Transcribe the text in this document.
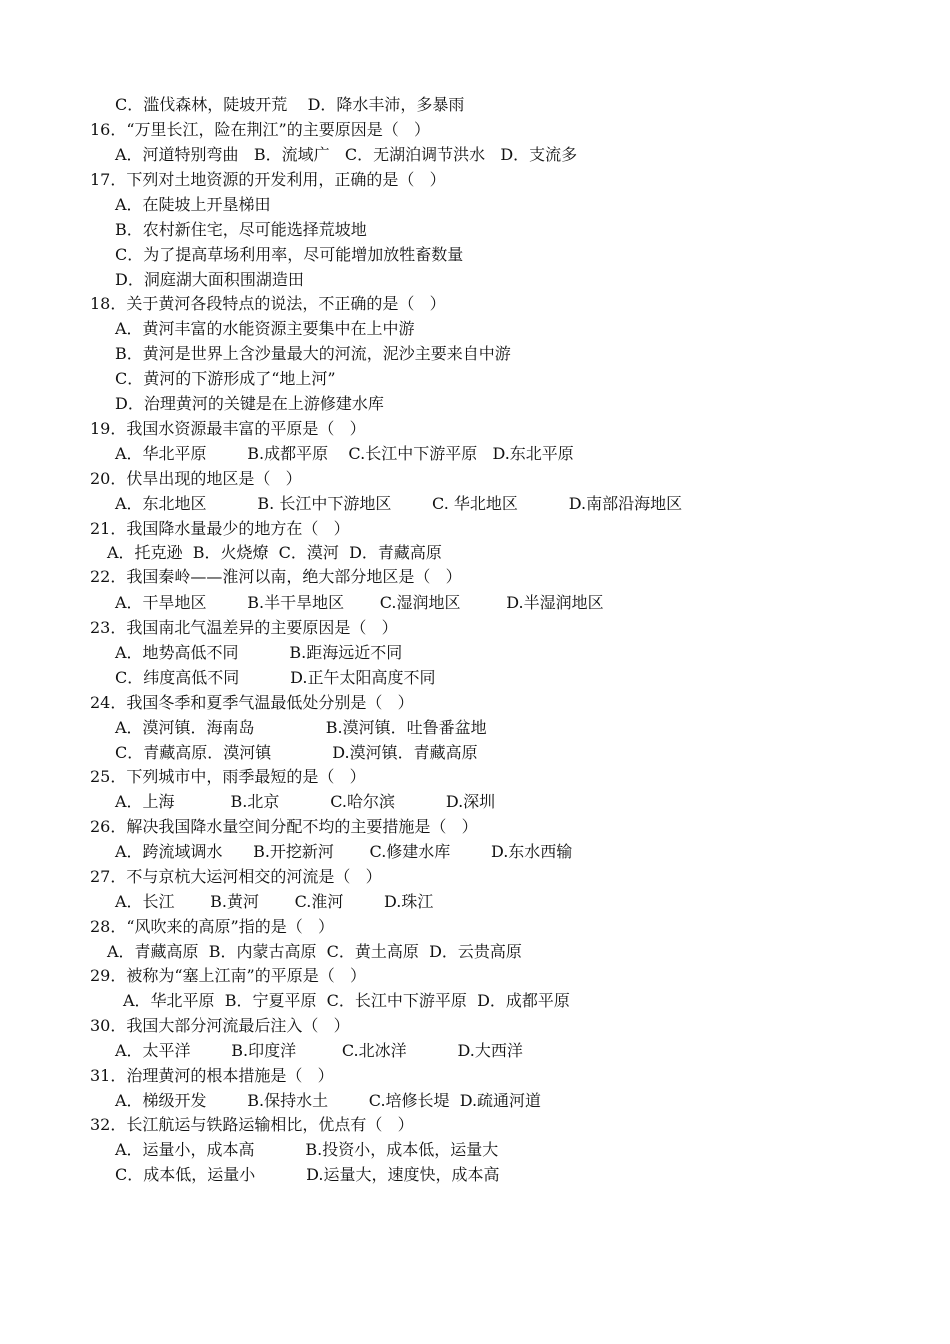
C．滥伐森林，陡坡开荒    D．降水丰沛，多暴雨
16．“万里长江，险在荆江”的主要原因是（   ）
A．河道特别弯曲   B．流域广   C．无湖泊调节洪水   D．支流多
17．下列对土地资源的开发利用，正确的是（   ）
A．在陡坡上开垦梯田
B．农村新住宅，尽可能选择荒坡地
C．为了提高草场利用率，尽可能增加放牲畜数量
D．洞庭湖大面积围湖造田
18．关于黄河各段特点的说法，不正确的是（   ）
A．黄河丰富的水能资源主要集中在上中游
B．黄河是世界上含沙量最大的河流，泥沙主要来自中游
C．黄河的下游形成了“地上河”
D．治理黄河的关键是在上游修建水库
19．我国水资源最丰富的平原是（   ）
A．华北平原        B.成都平原    C.长江中下游平原   D.东北平原
20．伏旱出现的地区是（   ）
A．东北地区          B. 长江中下游地区        C. 华北地区          D.南部沿海地区
21．我国降水量最少的地方在（   ）
A．托克逊  B．火烧燎  C．漠河  D．青藏高原
22．我国秦岭——淮河以南，绝大部分地区是（   ）
A．干旱地区        B.半干旱地区       C.湿润地区         D.半湿润地区
23．我国南北气温差异的主要原因是（   ）
A．地势高低不同          B.距海远近不同
C．纬度高低不同          D.正午太阳高度不同
24．我国冬季和夏季气温最低处分别是（   ）
A．漠河镇．海南岛              B.漠河镇．吐鲁番盆地
C．青藏高原．漠河镇            D.漠河镇．青藏高原
25．下列城市中，雨季最短的是（   ）
A．上海           B.北京          C.哈尔滨          D.深圳
26．解决我国降水量空间分配不均的主要措施是（   ）
A．跨流域调水      B.开挖新河       C.修建水库        D.东水西输
27．不与京杭大运河相交的河流是（   ）
A．长江       B.黄河       C.淮河        D.珠江
28．“风吹来的高原”指的是（   ）
A．青藏高原  B．内蒙古高原  C．黄土高原  D．云贵高原
29．被称为“塞上江南”的平原是（   ）
A．华北平原  B．宁夏平原  C．长江中下游平原  D．成都平原
30．我国大部分河流最后注入（   ）
A．太平洋        B.印度洋         C.北冰洋          D.大西洋
31．治理黄河的根本措施是（   ）
A．梯级开发        B.保持水土        C.培修长堤  D.疏通河道
32．长江航运与铁路运输相比，优点有（   ）
A．运量小，成本高          B.投资小，成本低，运量大
C．成本低，运量小          D.运量大，速度快，成本高
